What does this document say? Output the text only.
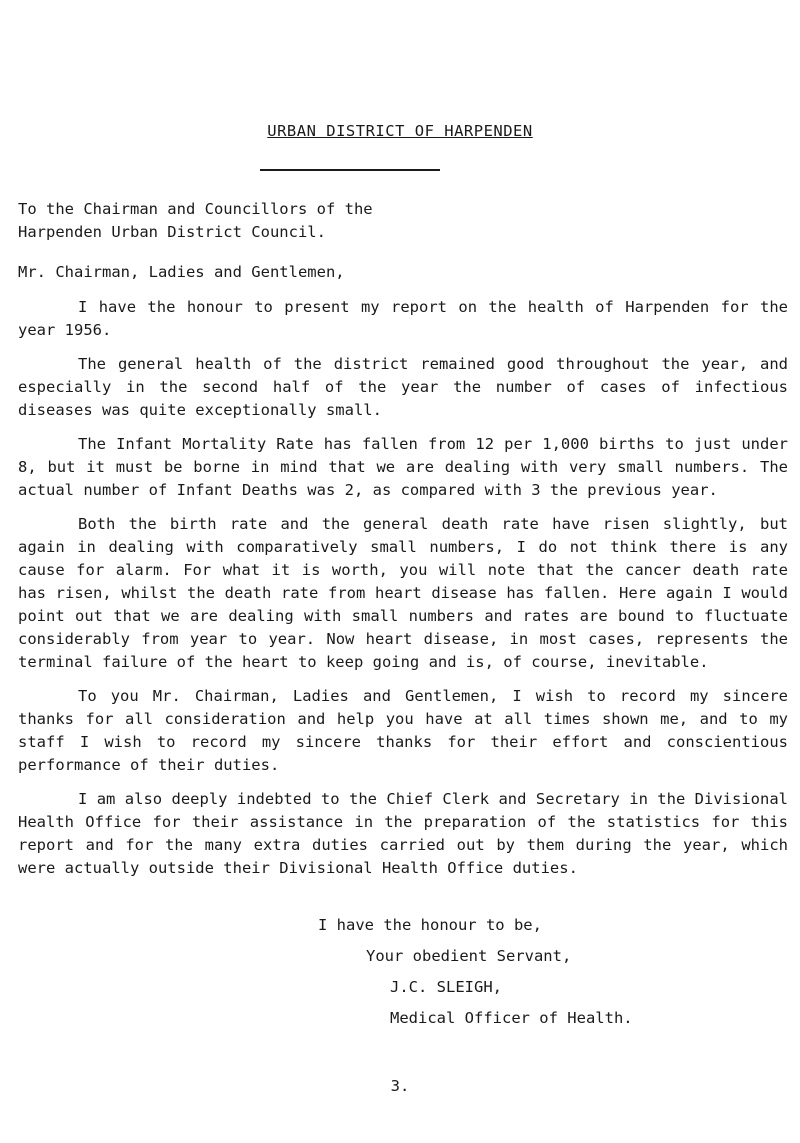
URBAN DISTRICT OF HARPENDEN
To the Chairman and Councillors of the
Harpenden Urban District Council.
Mr. Chairman, Ladies and Gentlemen,

I have the honour to present my report on the health of Harpenden for the year 1956.

The general health of the district remained good throughout the year, and especially in the second half of the year the number of cases of infectious diseases was quite exceptionally small.

The Infant Mortality Rate has fallen from 12 per 1,000 births to just under 8, but it must be borne in mind that we are dealing with very small numbers. The actual number of Infant Deaths was 2, as compared with 3 the previous year.

Both the birth rate and the general death rate have risen slightly, but again in dealing with comparatively small numbers, I do not think there is any cause for alarm. For what it is worth, you will note that the cancer death rate has risen, whilst the death rate from heart disease has fallen. Here again I would point out that we are dealing with small numbers and rates are bound to fluctuate considerably from year to year. Now heart disease, in most cases, represents the terminal failure of the heart to keep going and is, of course, inevitable.

To you Mr. Chairman, Ladies and Gentlemen, I wish to record my sincere thanks for all consideration and help you have at all times shown me, and to my staff I wish to record my sincere thanks for their effort and conscientious performance of their duties.

I am also deeply indebted to the Chief Clerk and Secretary in the Divisional Health Office for their assistance in the preparation of the statistics for this report and for the many extra duties carried out by them during the year, which were actually outside their Divisional Health Office duties.

I have the honour to be,
Your obedient Servant,
J.C. SLEIGH,
Medical Officer of Health.
3.
